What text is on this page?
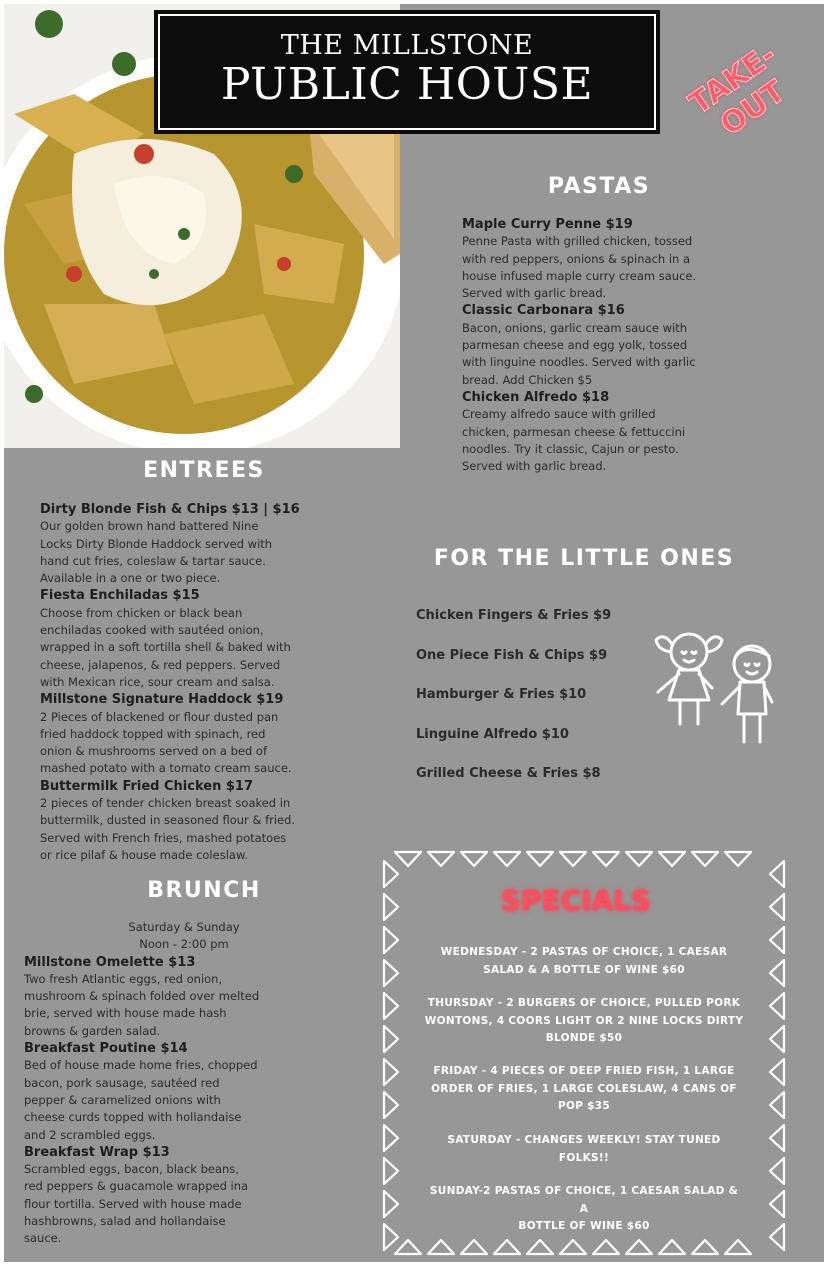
THE MILLSTONE
PUBLIC HOUSE	TAKE-OUT
PASTAS

Maple Curry Penne $19

Penne Pasta with grilled chicken, tossed

with red peppers, onions & spinach in a

house infused maple curry cream sauce.

Served with garlic bread.

Classic Carbonara $16

Bacon, onions, garlic cream sauce with

parmesan cheese and egg yolk, tossed

with linguine noodles. Served with garlic

bread. Add Chicken $5

Chicken Alfredo $18

Creamy alfredo sauce with grilled

chicken, parmesan cheese & fettuccini

noodles. Try it classic, Cajun or pesto.

Served with garlic bread.

ENTREES

Dirty Blonde Fish & Chips $13 | $16

Our golden brown hand battered Nine

Locks Dirty Blonde Haddock served with

hand cut fries, coleslaw & tartar sauce.

Available in a one or two piece.

Fiesta Enchiladas $15

Choose from chicken or black bean

enchiladas cooked with sautéed onion,

wrapped in a soft tortilla shell & baked with

cheese, jalapenos, & red peppers. Served

with Mexican rice, sour cream and salsa.

Millstone Signature Haddock $19

2 Pieces of blackened or flour dusted pan

fried haddock topped with spinach, red

onion & mushrooms served on a bed of

mashed potato with a tomato cream sauce.

Buttermilk Fried Chicken $17

2 pieces of tender chicken breast soaked in

buttermilk, dusted in seasoned flour & fried.

Served with French fries, mashed potatoes

or rice pilaf & house made coleslaw.

FOR THE LITTLE ONES
Chicken Fingers & Fries $9
One Piece Fish & Chips $9
Hamburger & Fries $10
Linguine Alfredo $10
Grilled Cheese & Fries $8
BRUNCH

Saturday & Sunday

Noon - 2:00 pm

Millstone Omelette $13

Two fresh Atlantic eggs, red onion,

mushroom & spinach folded over melted

brie, served with house made hash

browns & garden salad.

Breakfast Poutine $14

Bed of house made home fries, chopped

bacon, pork sausage, sautéed red

pepper & caramelized onions with

cheese curds topped with hollandaise

and 2 scrambled eggs.

Breakfast Wrap $13

Scrambled eggs, bacon, black beans,

red peppers & guacamole wrapped ina

flour tortilla. Served with house made

hashbrowns, salad and hollandaise

sauce.

SPECIALS
WEDNESDAY - 2 PASTAS OF CHOICE, 1 CAESAR
SALAD & A BOTTLE OF WINE $60
THURSDAY - 2 BURGERS OF CHOICE, PULLED PORK
WONTONS, 4 COORS LIGHT OR 2 NINE LOCKS DIRTY
BLONDE $50
FRIDAY - 4 PIECES OF DEEP FRIED FISH, 1 LARGE
ORDER OF FRIES, 1 LARGE COLESLAW, 4 CANS OF
POP $35
SATURDAY - CHANGES WEEKLY! STAY TUNED
FOLKS!!
SUNDAY-2 PASTAS OF CHOICE, 1 CAESAR SALAD & A
BOTTLE OF WINE $60
